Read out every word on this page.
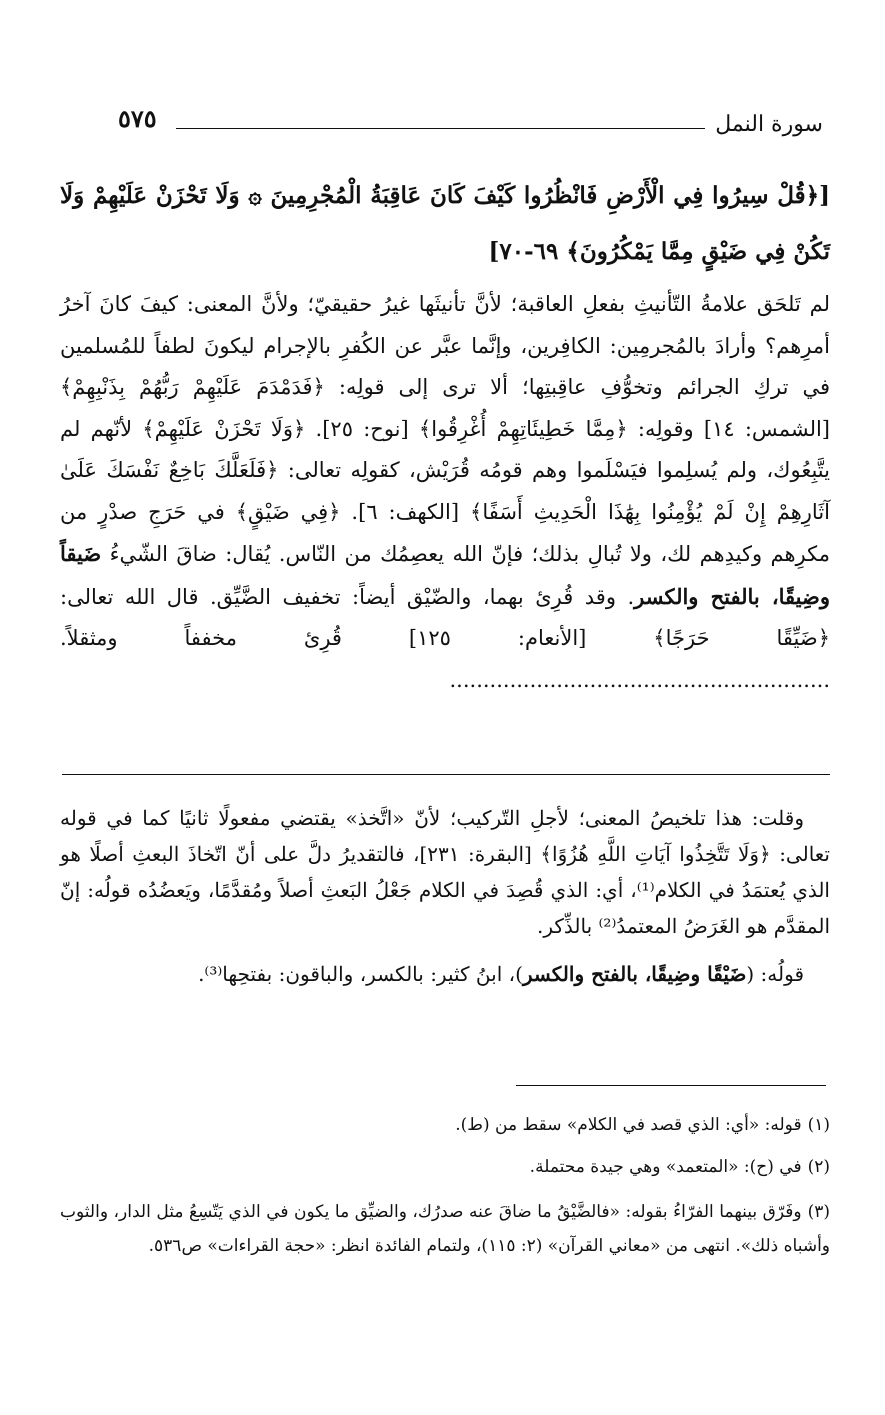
٥٧٥	سورة النمل
[﴿قُلْ سِيرُوا فِي الْأَرْضِ فَانْظُرُوا كَيْفَ كَانَ عَاقِبَةُ الْمُجْرِمِينَ ۞ وَلَا تَحْزَنْ عَلَيْهِمْ وَلَا تَكُنْ فِي ضَيْقٍ مِمَّا يَمْكُرُونَ﴾ ٦٩-٧٠]
لم تَلحَق علامةُ التّأنيثِ بفعلِ العاقبة؛ لأنَّ تأنيثَها غيرُ حقيقيّ؛ ولأنَّ المعنى: كيفَ كانَ آخرُ أمرِهم؟ وأرادَ بالمُجرمِين: الكافِرين، وإنَّما عبَّر عن الكُفرِ بالإجرام ليكونَ لطفاً للمُسلمين في تركِ الجرائم وتخوُّفِ عاقِبتِها؛ ألا ترى إلى قولِه: ﴿فَدَمْدَمَ عَلَيْهِمْ رَبُّهُمْ بِذَنْبِهِمْ﴾ [الشمس: ١٤] وقولِه: ﴿مِمَّا خَطِيئَاتِهِمْ أُغْرِقُوا﴾ [نوح: ٢٥]. ﴿وَلَا تَحْزَنْ عَلَيْهِمْ﴾ لأنّهم لم يتَّبِعُوك، ولم يُسلِموا فيَسْلَموا وهم قومُه قُرَيْش، كقولِه تعالى: ﴿فَلَعَلَّكَ بَاخِعٌ نَفْسَكَ عَلَىٰ آثَارِهِمْ إِنْ لَمْ يُؤْمِنُوا بِهَٰذَا الْحَدِيثِ أَسَفًا﴾ [الكهف: ٦]. ﴿فِي ضَيْقٍ﴾ في حَرَجِ صدْرٍ من مكرِهم وكيدِهم لك، ولا تُبالِ بذلك؛ فإنّ الله يعصِمُك من النّاس. يُقال: ضاقَ الشّيءُ ضَيقاً وضِيقًا، بالفتح والكسر. وقد قُرِئ بهما، والضّيْق أيضاً: تخفيف الضَّيِّق. قال الله تعالى: ﴿ضَيِّقًا حَرَجًا﴾ [الأنعام: ١٢٥] قُرِئ مخففاً ومثقلاً. .........................................................

وقلت: هذا تلخيصُ المعنى؛ لأجلِ التّركيب؛ لأنّ «اتَّخذ» يقتضي مفعولًا ثانيًا كما في قوله تعالى: ﴿وَلَا تَتَّخِذُوا آيَاتِ اللَّهِ هُزُوًا﴾ [البقرة: ٢٣١]، فالتقديرُ دلَّ على أنّ اتّخاذَ البعثِ أصلًا هو الذي يُعتمَدُ في الكلام⁽¹⁾، أي: الذي قُصِدَ في الكلام جَعْلُ البَعثِ أصلاً ومُقدَّمًا، ويَعضُدُه قولُه: إنّ المقدَّم هو الغَرَضُ المعتمدُ⁽²⁾ بالذِّكر.

قولُه: (ضَيْقًا وضِيقًا، بالفتح والكسر)، ابنُ كثير: بالكسر، والباقون: بفتحِها⁽³⁾.

(١)قوله: «أي: الذي قصد في الكلام» سقط من (ط).
(٢)في (ح): «المتعمد» وهي جيدة محتملة.
(٣)وفَرّق بينهما الفرّاءُ بقوله: «فالضَّيْقُ ما ضاقَ عنه صدرُك، والضيِّق ما يكون في الذي يَتّسِعُ مثل الدار، والثوب وأشباه ذلك». انتهى من «معاني القرآن» (٢: ١١٥)، ولتمام الفائدة انظر: «حجة القراءات» ص٥٣٦.
